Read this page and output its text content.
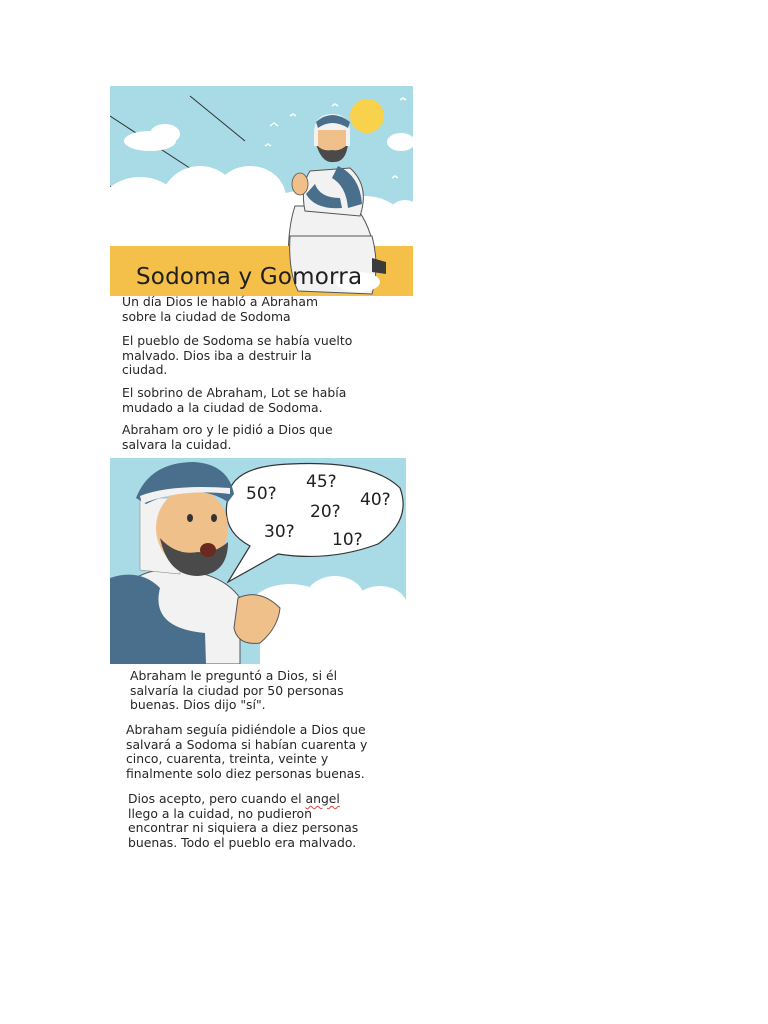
Sodoma y Gomorra
Un día Dios le habló a Abraham
sobre la ciudad de Sodoma
El pueblo de Sodoma se había vuelto
malvado. Dios iba a destruir la
ciudad.
El sobrino de Abraham, Lot se había
mudado a la ciudad de Sodoma.
Abraham oro y le pidió a Dios que
salvara la cuidad.
50?
45?
40?
20?
30? 10?
Abraham le preguntó a Dios, si él
salvaría la ciudad por 50 personas
buenas. Dios dijo "sí".
Abraham seguía pidiéndole a Dios que
salvará a Sodoma si habían cuarenta y
cinco, cuarenta, treinta, veinte y
finalmente solo diez personas buenas.
Dios acepto, pero cuando el angel
llego a la cuidad, no pudieron
encontrar ni siquiera a diez personas
buenas. Todo el pueblo era malvado.
